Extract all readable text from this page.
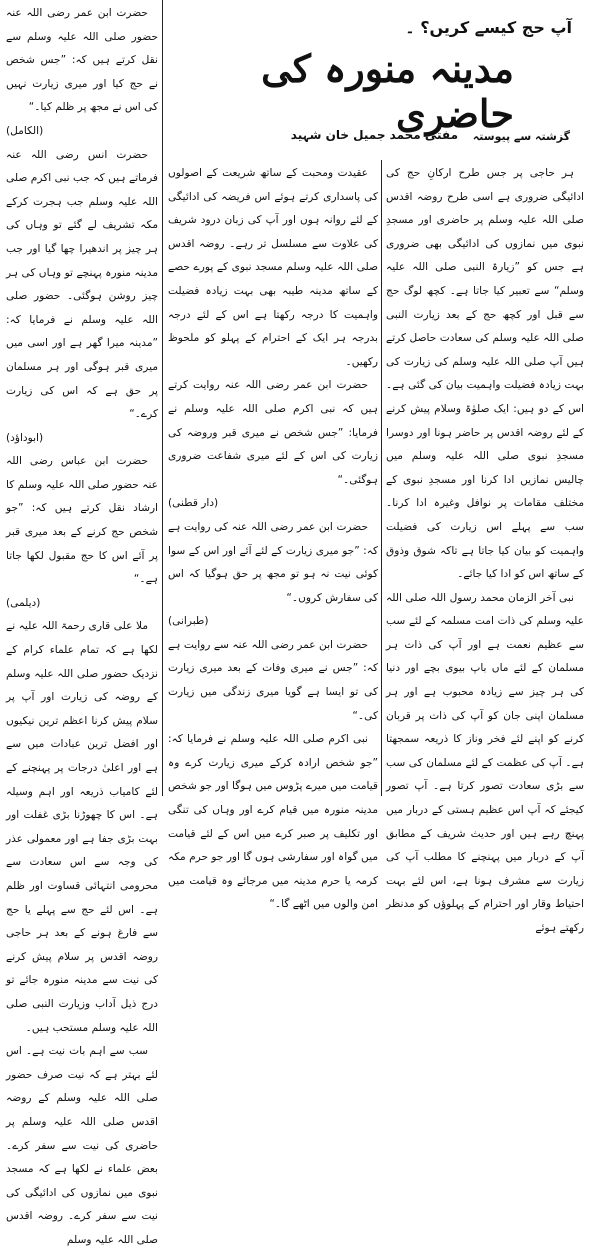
آپ حج کیسے کریں؟ ۔
مدینہ منورہ کی حاضری
مفتی محمد جمیل خان شہید گزشتہ سے پیوستہ

ہر حاجی پر جس طرح ارکانِ حج کی ادائیگی ضروری ہے اسی طرح روضہ اقدس صلی اللہ علیہ وسلم پر حاضری اور مسجدِ نبوی میں نمازوں کی ادائیگی بھی ضروری ہے جس کو ”زیارۃ النبی صلی اللہ علیہ وسلم“ سے تعبیر کیا جاتا ہے۔ کچھ لوگ حج سے قبل اور کچھ حج کے بعد زیارت النبی صلی اللہ علیہ وسلم کی سعادت حاصل کرتے ہیں آپ صلی اللہ علیہ وسلم کی زیارت کی بہت زیادہ فضیلت واہمیت بیان کی گئی ہے۔ اس کے دو ہیں: ایک صلوٰۃ وسلام پیش کرنے کے لئے روضہ اقدس پر حاضر ہونا اور دوسرا مسجدِ نبوی صلی اللہ علیہ وسلم میں چالیس نمازیں ادا کرنا اور مسجدِ نبوی کے مختلف مقامات پر نوافل وغیرہ ادا کرنا۔ سب سے پہلے اس زیارت کی فضیلت واہمیت کو بیان کیا جاتا ہے تاکہ شوق وذوق کے ساتھ اس کو ادا کیا جائے۔

نبی آخر الزمان محمد رسول اللہ صلی اللہ علیہ وسلم کی ذات امت مسلمہ کے لئے سب سے عظیم نعمت ہے اور آپ کی ذات ہر مسلمان کے لئے ماں باپ بیوی بچے اور دنیا کی ہر چیز سے زیادہ محبوب ہے اور ہر مسلمان اپنی جان کو آپ کی ذات پر قربان کرنے کو اپنے لئے فخر وناز کا ذریعہ سمجھتا ہے۔ آپ کی عظمت کے لئے مسلمان کی سب سے بڑی سعادت تصور کرتا ہے۔ آپ تصور کیجئے کہ آپ اس عظیم ہستی کے دربار میں پہنچ رہے ہیں اور حدیث شریف کے مطابق آپ کے دربار میں پہنچنے کا مطلب آپ کی زیارت سے مشرف ہونا ہے، اس لئے بہت احتیاط وقار اور احترام کے پہلوؤں کو مدنظر رکھتے ہوئے

عقیدت ومحبت کے ساتھ شریعت کے اصولوں کی پاسداری کرتے ہوئے اس فریضہ کی ادائیگی کے لئے روانہ ہوں اور آپ کی زبان درود شریف کی علاوت سے مسلسل تر رہے۔ روضہ اقدس صلی اللہ علیہ وسلم مسجد نبوی کے پورے حصے کے ساتھ مدینہ طیبہ بھی بہت زیادہ فضیلت واہمیت کا درجہ رکھتا ہے اس کے لئے درجہ بدرجہ ہر ایک کے احترام کے پہلو کو ملحوظ رکھیں۔

حضرت ابن عمر رضی اللہ عنہ روایت کرتے ہیں کہ نبی اکرم صلی اللہ علیہ وسلم نے فرمایا: ”جس شخص نے میری قبر وروضہ کی زیارت کی اس کے لئے میری شفاعت ضروری ہوگئی۔“

(دار قطنی)

حضرت ابن عمر رضی اللہ عنہ کی روایت ہے کہ: ”جو میری زیارت کے لئے آئے اور اس کے سوا کوئی نیت نہ ہو تو مجھ پر حق ہوگیا کہ اس کی سفارش کروں۔“

(طبرانی)

حضرت ابن عمر رضی اللہ عنہ سے روایت ہے کہ: ”جس نے میری وفات کے بعد میری زیارت کی تو ایسا ہے گویا میری زندگی میں زیارت کی۔“

نبی اکرم صلی اللہ علیہ وسلم نے فرمایا کہ: ”جو شخص ارادہ کرکے میری زیارت کرے وہ قیامت میں میرے پڑوس میں ہوگا اور جو شخص مدینہ منورہ میں قیام کرے اور وہاں کی تنگی اور تکلیف پر صبر کرے میں اس کے لئے قیامت میں گواہ اور سفارشی ہوں گا اور جو حرم مکہ کرمہ یا حرم مدینہ میں مرجائے وہ قیامت میں امن والوں میں اٹھے گا۔“

حضرت ابن عمر رضی اللہ عنہ حضور صلی اللہ علیہ وسلم سے نقل کرتے ہیں کہ: ”جس شخص نے حج کیا اور میری زیارت نہیں کی اس نے مجھ پر ظلم کیا۔“

(الکامل)

حضرت انس رضی اللہ عنہ فرماتے ہیں کہ جب نبی اکرم صلی اللہ علیہ وسلم جب ہجرت کرکے مکہ تشریف لے گئے تو وہاں کی ہر چیز پر اندھیرا چھا گیا اور جب مدینہ منورہ پہنچے تو وہاں کی ہر چیز روشن ہوگئی۔ حضور صلی اللہ علیہ وسلم نے فرمایا کہ: ”مدینہ میرا گھر ہے اور اسی میں میری قبر ہوگی اور ہر مسلمان پر حق ہے کہ اس کی زیارت کرے۔“

(ابوداؤد)

حضرت ابن عباس رضی اللہ عنہ حضور صلی اللہ علیہ وسلم کا ارشاد نقل کرتے ہیں کہ: ”جو شخص حج کرنے کے بعد میری قبر پر آئے اس کا حج مقبول لکھا جاتا ہے۔“

(دیلمی)

ملا علی قاری رحمۃ اللہ علیہ نے لکھا ہے کہ تمام علماء کرام کے نزدیک حضور صلی اللہ علیہ وسلم کے روضہ کی زیارت اور آپ پر سلام پیش کرنا اعظم ترین نیکیوں اور افضل ترین عبادات میں سے ہے اور اعلیٰ درجات پر پہنچنے کے لئے کامیاب ذریعہ اور اہم وسیلہ ہے۔ اس کا چھوڑنا بڑی غفلت اور بہت بڑی جفا ہے اور معمولی عذر کی وجہ سے اس سعادت سے محرومی انتہائی قساوت اور ظلم ہے۔ اس لئے حج سے پہلے یا حج سے فارغ ہونے کے بعد ہر حاجی روضہ اقدس پر سلام پیش کرنے کی نیت سے مدینہ منورہ جائے تو درج ذیل آداب وزیارت النبی صلی اللہ علیہ وسلم مستحب ہیں۔

سب سے اہم بات نیت ہے۔ اس لئے بہتر ہے کہ نیت صرف حضور صلی اللہ علیہ وسلم کے روضہ اقدس صلی اللہ علیہ وسلم پر حاضری کی نیت سے سفر کرے۔ بعض علماء نے لکھا ہے کہ مسجد نبوی میں نمازوں کی ادائیگی کی نیت سے سفر کرے۔ روضہ اقدس صلی اللہ علیہ وسلم
